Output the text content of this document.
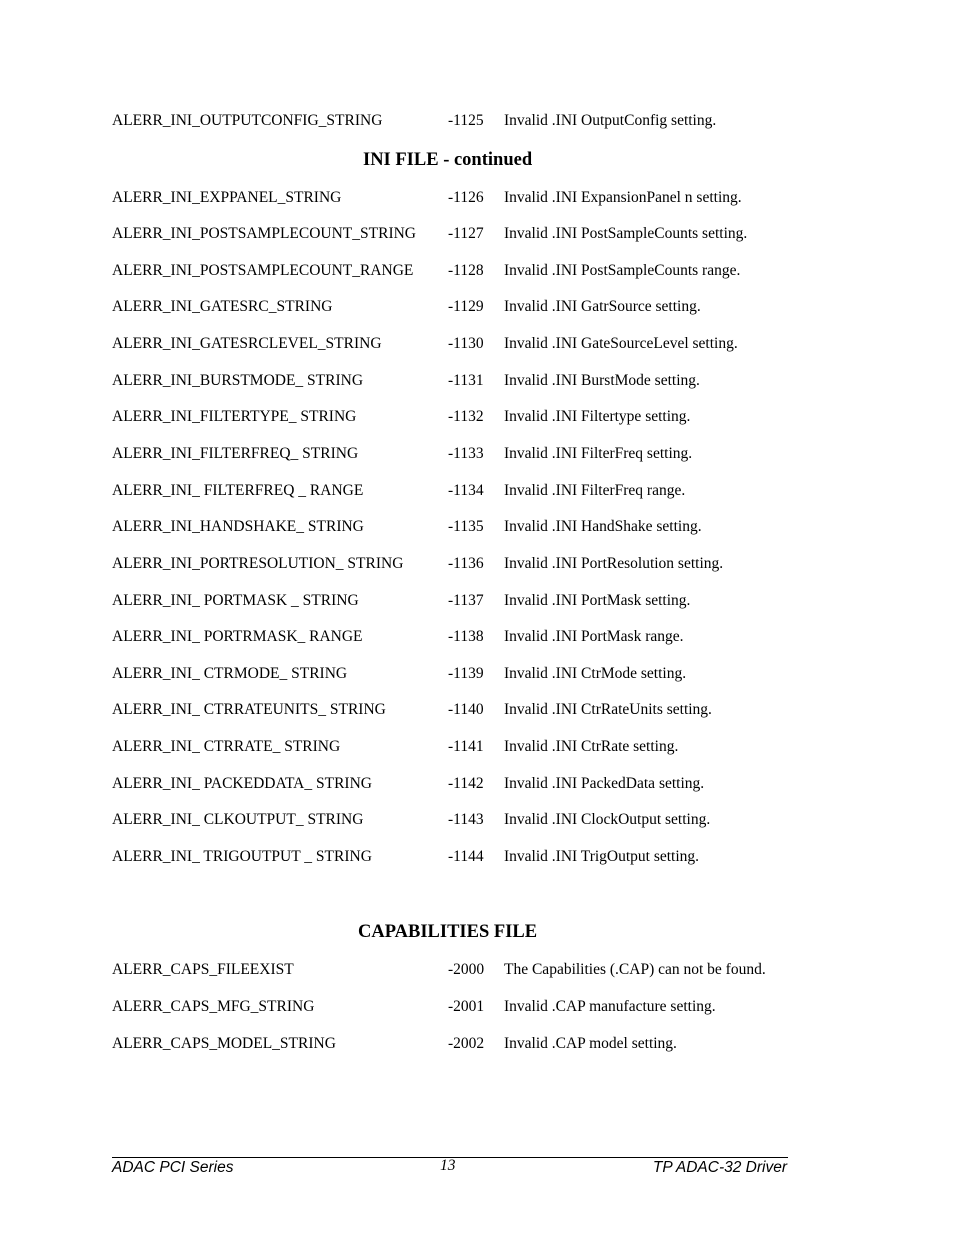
ALERR_INI_OUTPUTCONFIG_STRING	-1125 Invalid .INI OutputConfig setting.
INI FILE - continued
ALERR_INI_EXPPANEL_STRING	-1126 Invalid .INI ExpansionPanel n setting.
ALERR_INI_POSTSAMPLECOUNT_STRING -1127 Invalid .INI PostSampleCounts setting.
ALERR_INI_POSTSAMPLECOUNT_RANGE -1128 Invalid .INI PostSampleCounts range.
ALERR_INI_GATESRC_STRING	-1129 Invalid .INI GatrSource setting.
ALERR_INI_GATESRCLEVEL_STRING	-1130 Invalid .INI GateSourceLevel setting.
ALERR_INI_BURSTMODE_ STRING	-1131 Invalid .INI BurstMode setting.
ALERR_INI_FILTERTYPE_ STRING	-1132 Invalid .INI Filtertype setting.
ALERR_INI_FILTERFREQ_ STRING	-1133 Invalid .INI FilterFreq setting.
ALERR_INI_ FILTERFREQ _ RANGE	-1134 Invalid .INI FilterFreq range.
ALERR_INI_HANDSHAKE_ STRING	-1135 Invalid .INI HandShake setting.
ALERR_INI_PORTRESOLUTION_ STRING	-1136 Invalid .INI PortResolution setting.
ALERR_INI_ PORTMASK _ STRING	-1137 Invalid .INI PortMask setting.
ALERR_INI_ PORTRMASK_ RANGE	-1138 Invalid .INI PortMask range.
ALERR_INI_ CTRMODE_ STRING	-1139 Invalid .INI CtrMode setting.
ALERR_INI_ CTRRATEUNITS_ STRING	-1140 Invalid .INI CtrRateUnits setting.
ALERR_INI_ CTRRATE_ STRING	-1141 Invalid .INI CtrRate setting.
ALERR_INI_ PACKEDDATA_ STRING	-1142 Invalid .INI PackedData setting.
ALERR_INI_ CLKOUTPUT_ STRING	-1143 Invalid .INI ClockOutput setting.
ALERR_INI_ TRIGOUTPUT _ STRING	-1144 Invalid .INI TrigOutput setting.
CAPABILITIES FILE
ALERR_CAPS_FILEEXIST	-2000 The Capabilities (.CAP) can not be found.
ALERR_CAPS_MFG_STRING	-2001 Invalid .CAP manufacture setting.
ALERR_CAPS_MODEL_STRING	-2002 Invalid .CAP model setting.
ADAC PCI Series	13	TP ADAC-32 Driver
